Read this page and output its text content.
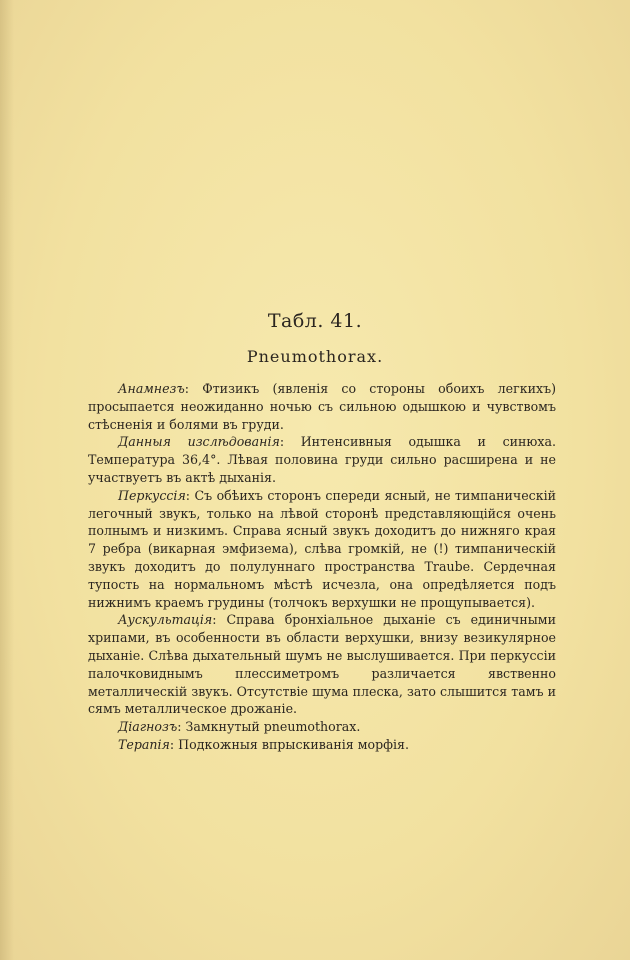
Табл. 41.
Pneumothorax.

Анамнезъ: Фтизикъ (явленія со стороны обоихъ легкихъ) просыпается неожиданно ночью съ сильною одышкою и чувствомъ стѣсненія и болями въ груди.

Данныя изслѣдованія: Интенсивныя одышка и синюха. Температура 36,4°. Лѣвая половина груди сильно расширена и не участвуетъ въ актѣ дыханія.

Перкуссія: Съ обѣихъ сторонъ спереди ясный, не тимпаническій легочный звукъ, только на лѣвой сторонѣ представляющійся очень полнымъ и низкимъ. Справа ясный звукъ доходитъ до нижняго края 7 ребра (викарная эмфизема), слѣва громкій, не (!) тимпаническій звукъ доходитъ до полулуннаго пространства Traube. Сердечная тупость на нормальномъ мѣстѣ исчезла, она опредѣляется подъ нижнимъ краемъ грудины (толчокъ верхушки не прощупывается).

Аускультація: Справа бронхіальное дыханіе съ единичными хрипами, въ особенности въ области верхушки, внизу везикулярное дыханіе. Слѣва дыхательный шумъ не выслушивается. При перкуссіи палочковиднымъ плессиметромъ различается явственно металлическій звукъ. Отсутствіе шума плеска, зато слышится тамъ и сямъ металлическое дрожаніе.

Діагнозъ: Замкнутый pneumothorax.

Терапія: Подкожныя впрыскиванія морфія.
